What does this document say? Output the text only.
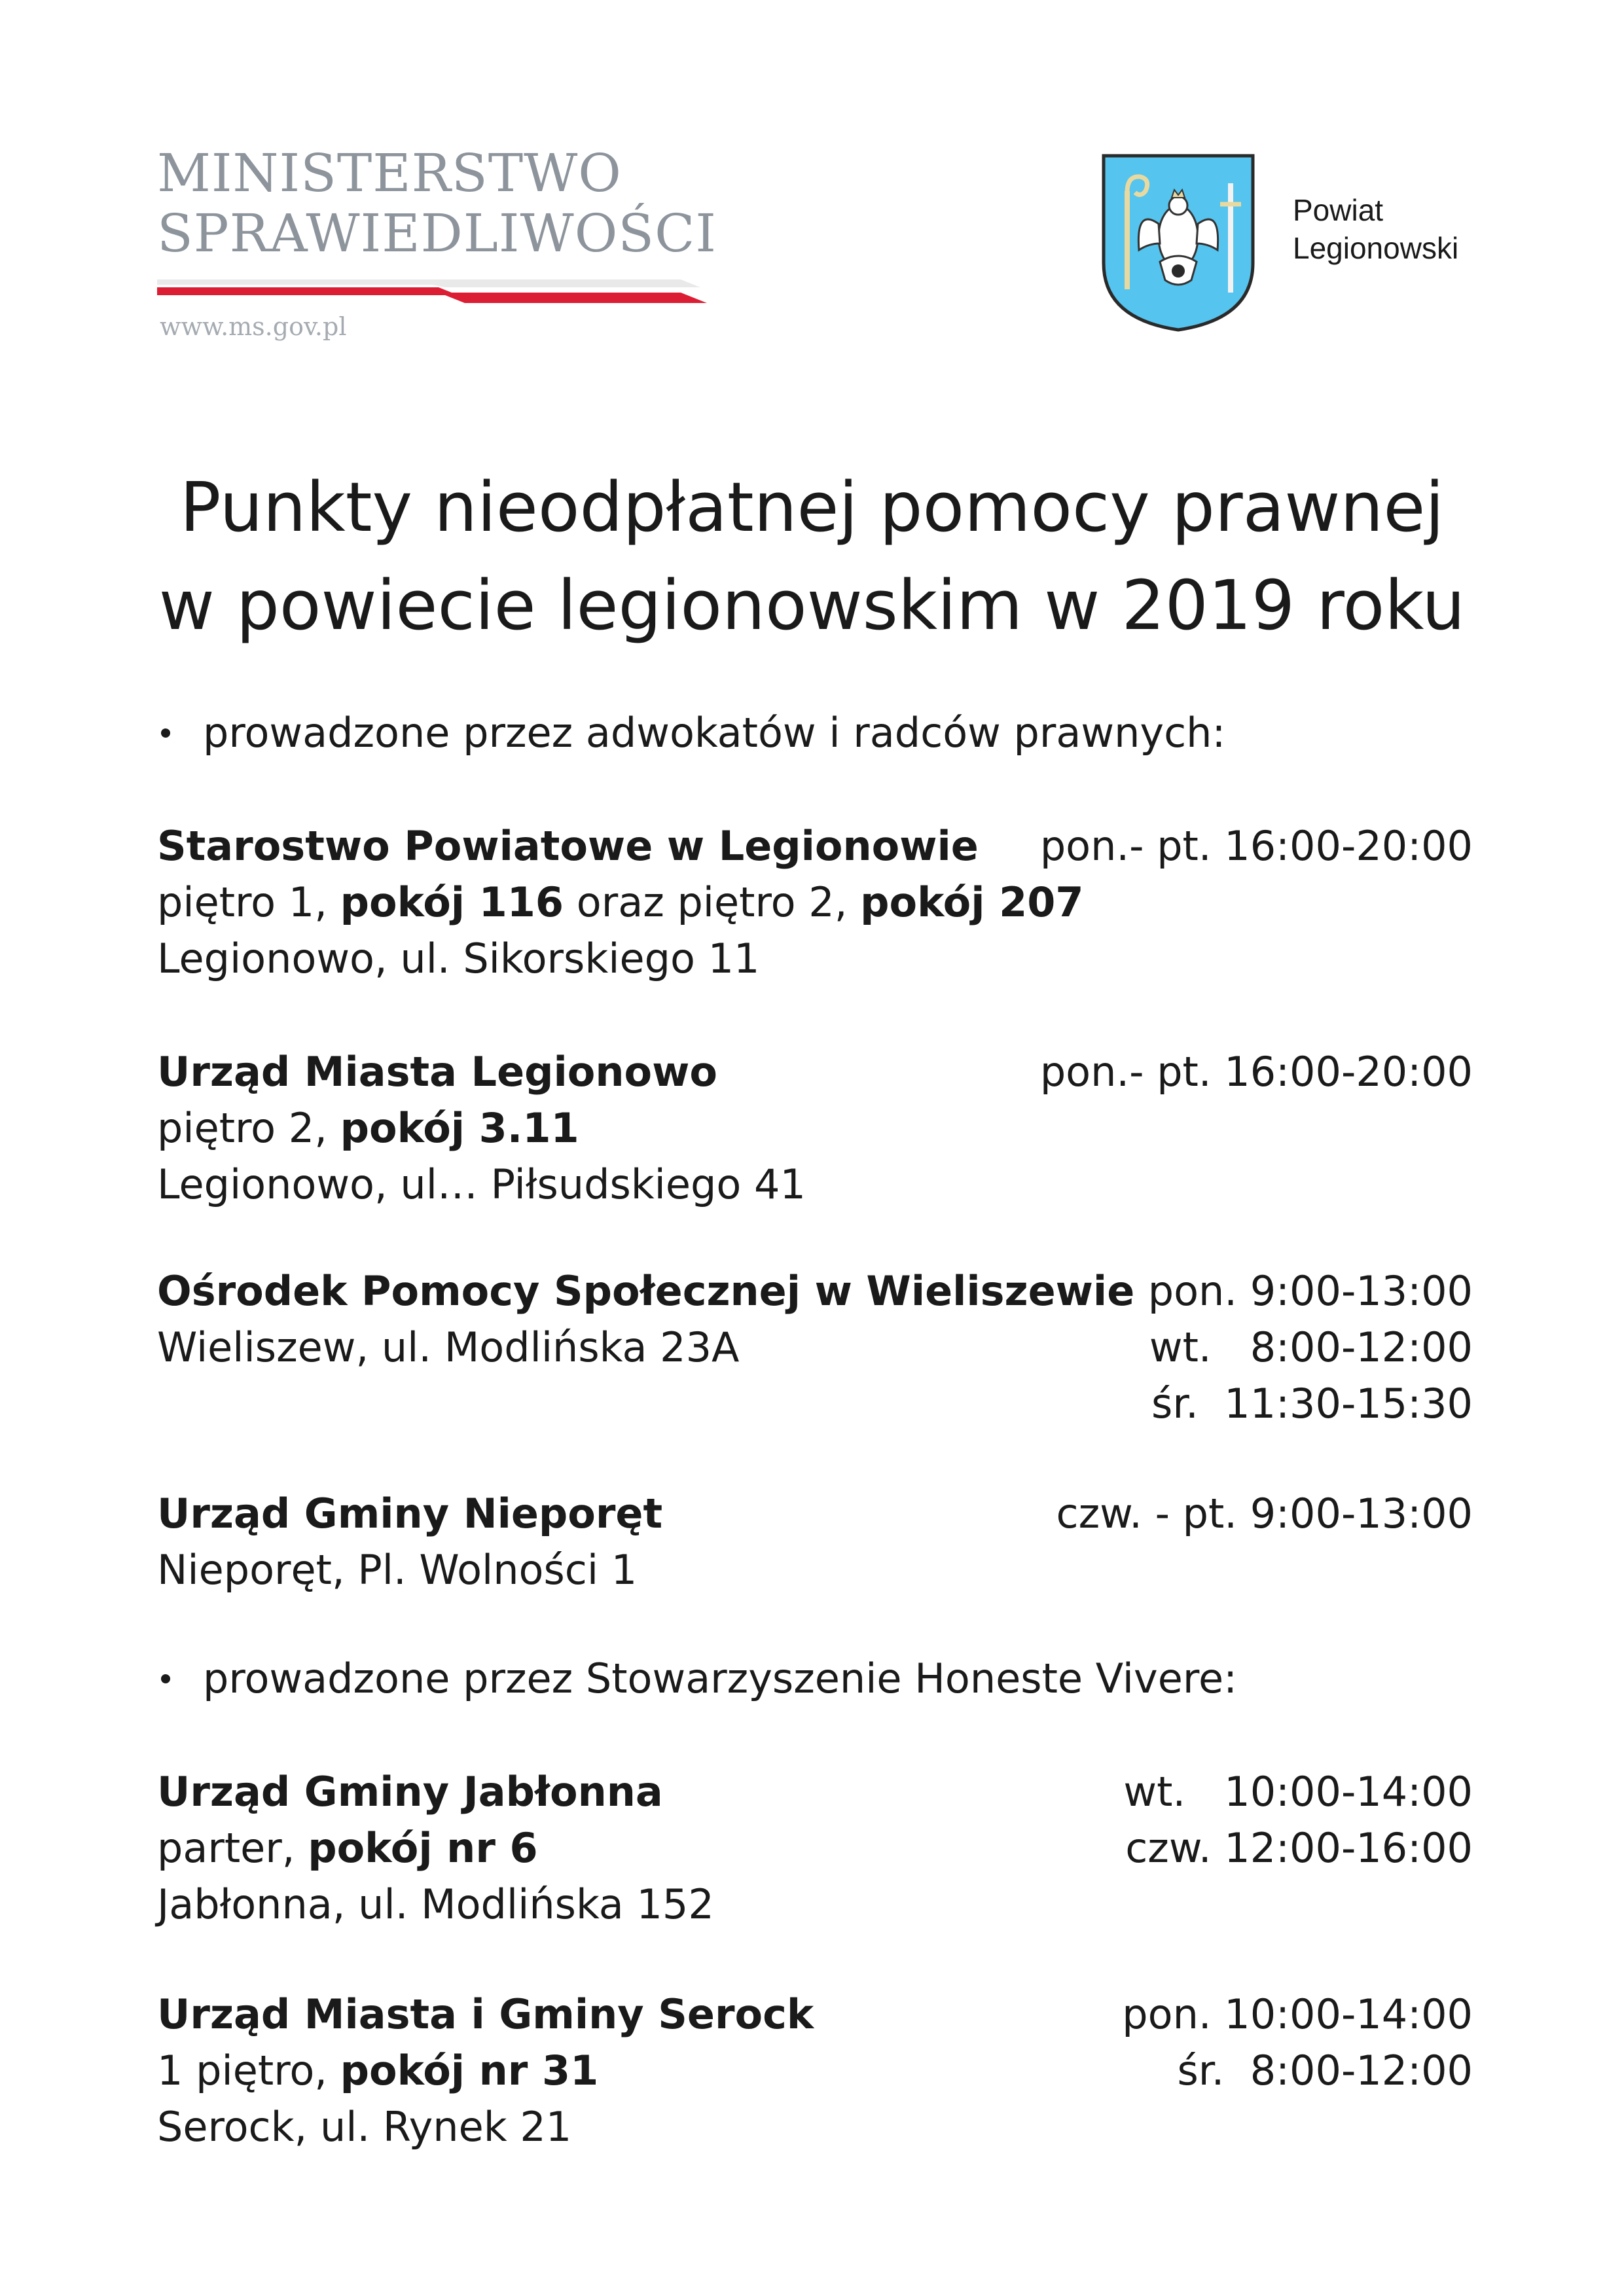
MINISTERSTWO
SPRAWIEDLIWOŚCI
www.ms.gov.pl
Powiat
Legionowski
Punkty nieodpłatnej pomocy prawnej
w powiecie legionowskim w 2019 roku
prowadzone przez adwokatów i radców prawnych:
Starostwo Powiatowe w Legionowie
piętro 1, pokój 116 oraz piętro 2, pokój 207
Legionowo, ul. Sikorskiego 11
pon.- pt. 16:00-20:00
Urząd Miasta Legionowo
piętro 2, pokój 3.11
Legionowo, ul… Piłsudskiego 41
pon.- pt. 16:00-20:00
Ośrodek Pomocy Społecznej w Wieliszewie
Wieliszew, ul. Modlińska 23A
pon. 9:00-13:00
wt.   8:00-12:00
śr.  11:30-15:30
Urząd Gminy Nieporęt
Nieporęt, Pl. Wolności 1
czw. - pt. 9:00-13:00
prowadzone przez Stowarzyszenie Honeste Vivere:
Urząd Gminy Jabłonna
parter, pokój nr 6
Jabłonna, ul. Modlińska 152
wt.   10:00-14:00
czw. 12:00-16:00
Urząd Miasta i Gminy Serock
1 piętro, pokój nr 31
Serock, ul. Rynek 21
pon. 10:00-14:00
śr.  8:00-12:00
